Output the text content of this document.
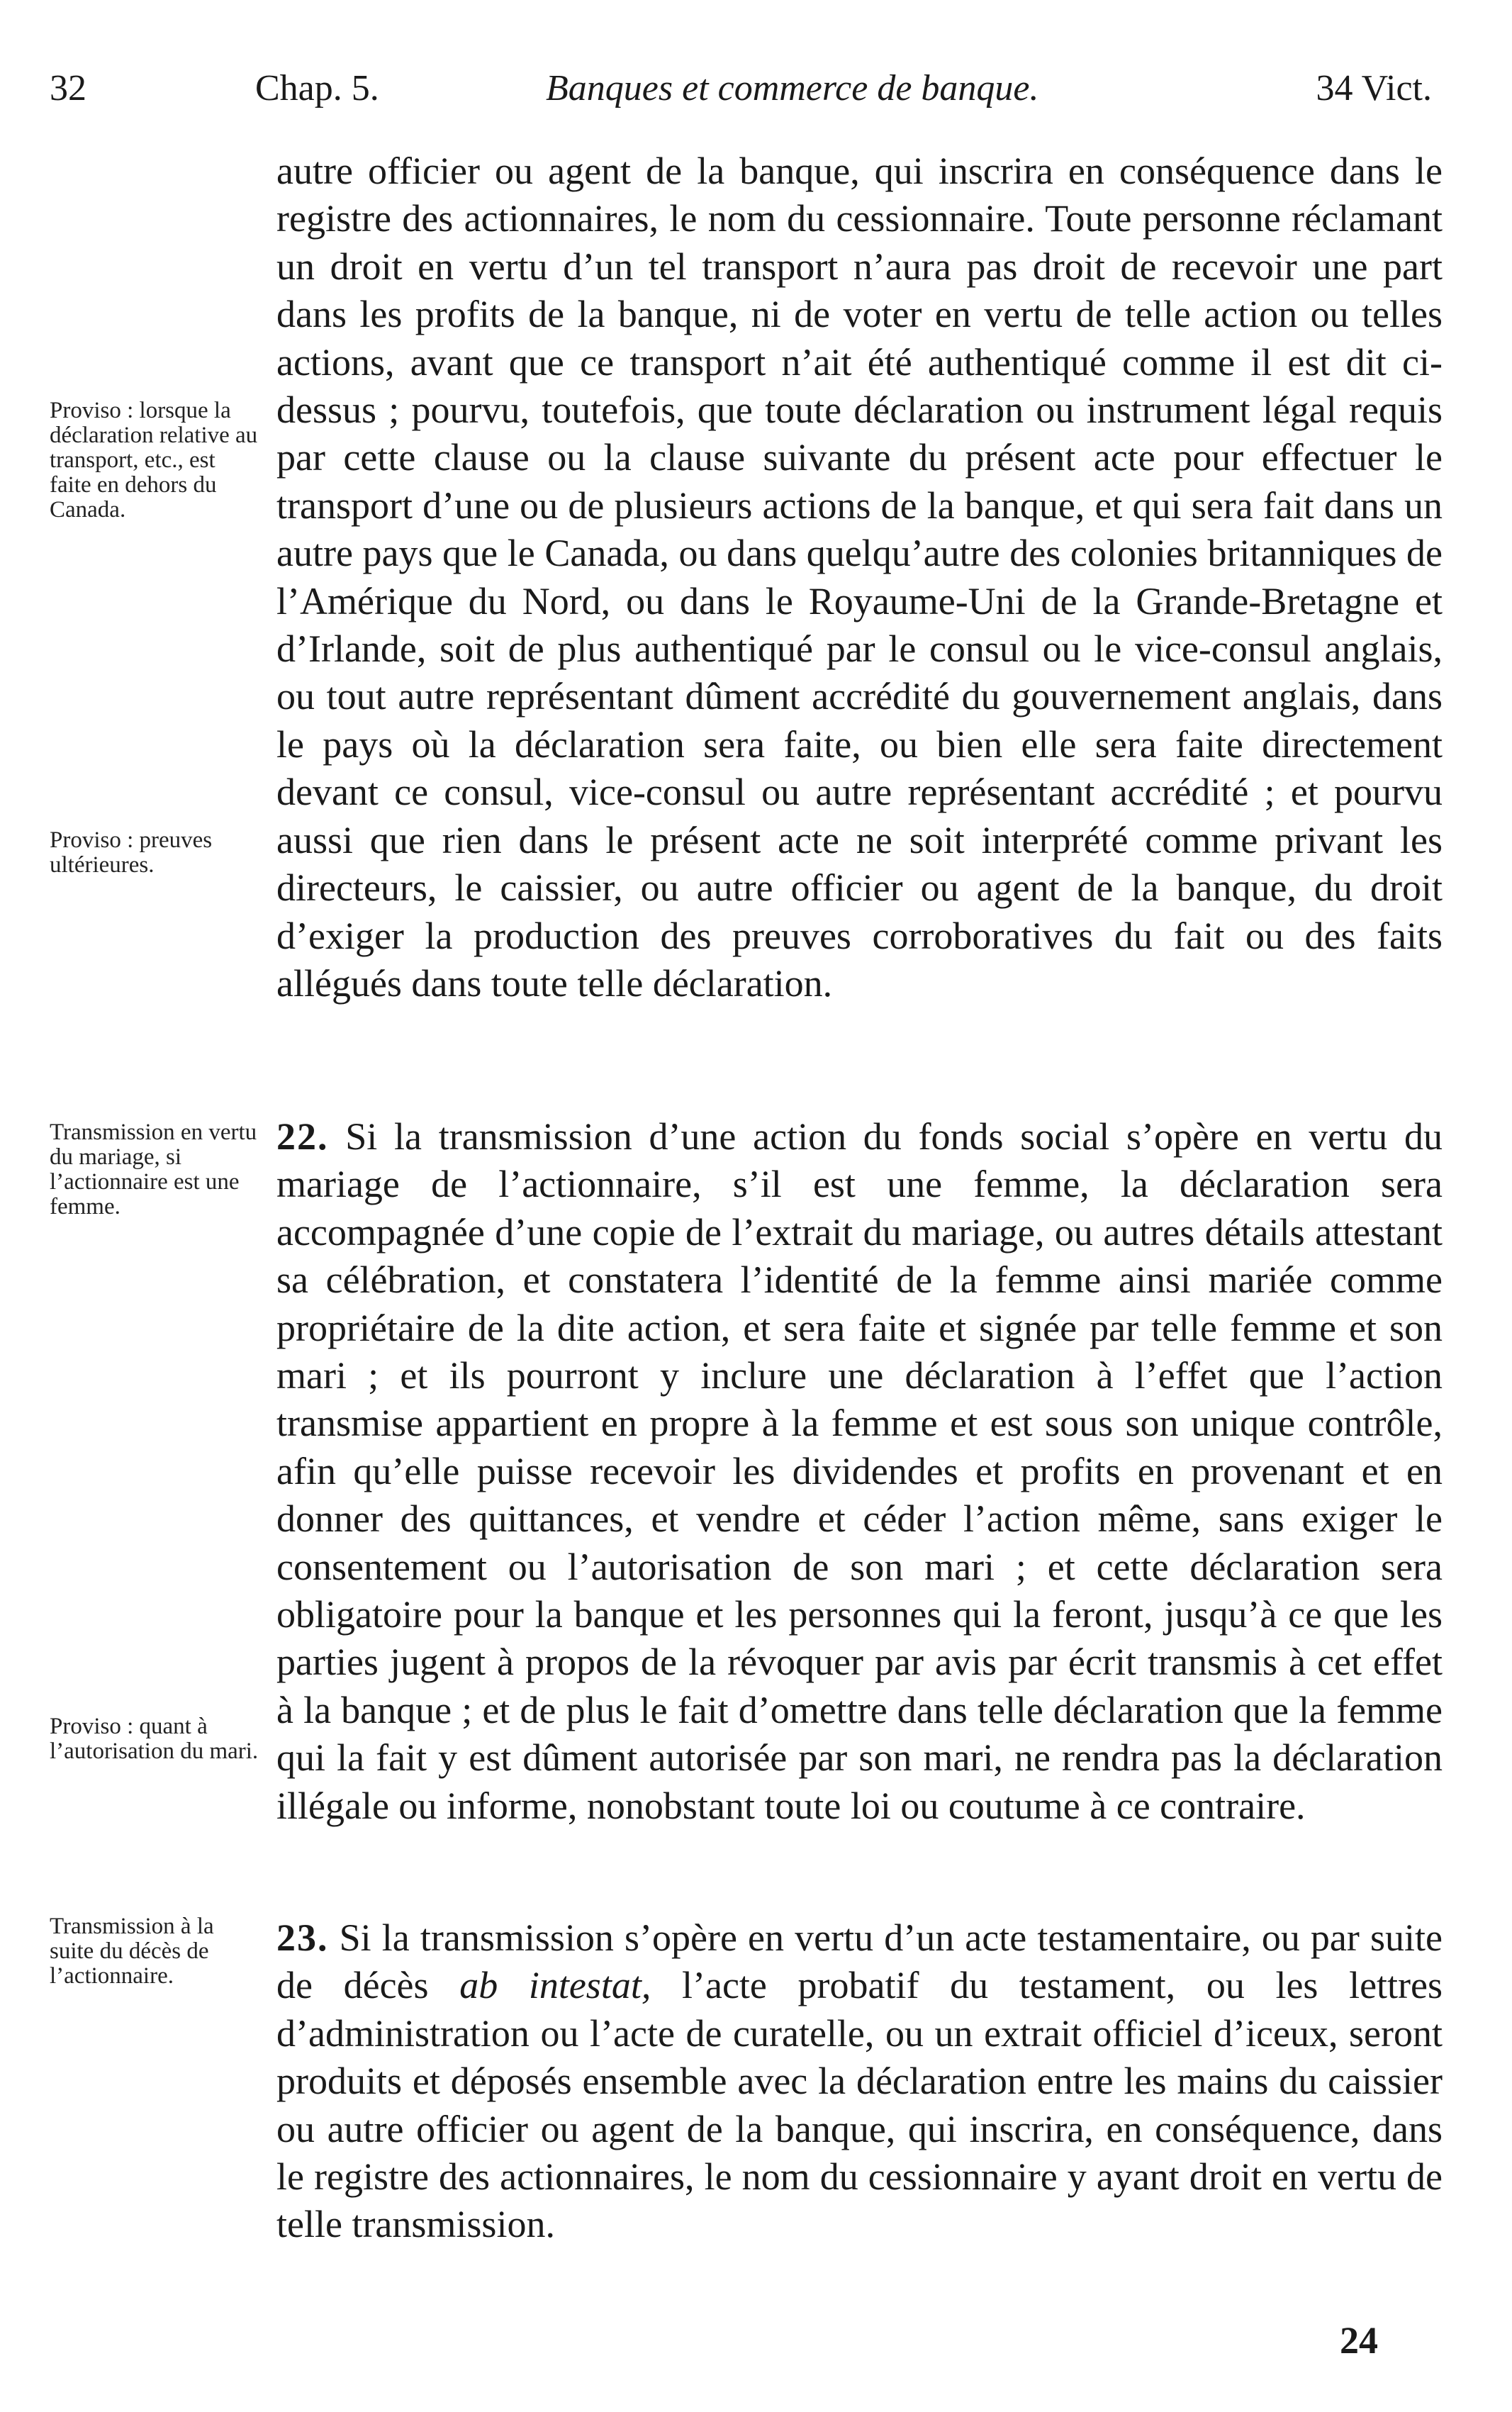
32	Chap. 5.	Banques et commerce de banque.	34 Vict.
Proviso : lorsque la déclaration relative au transport, etc., est faite en dehors du Canada.
Proviso : preuves ultérieures.
Transmission en vertu du mariage, si l’actionnaire est une femme.
Proviso : quant à l’autorisation du mari.
Transmission à la suite du décès de l’actionnaire.

autre officier ou agent de la banque, qui inscrira en conséquence dans le registre des actionnaires, le nom du cessionnaire. Toute personne réclamant un droit en vertu d’un tel transport n’aura pas droit de recevoir une part dans les profits de la banque, ni de voter en vertu de telle action ou telles actions, avant que ce transport n’ait été authentiqué comme il est dit ci-dessus ; pourvu, toutefois, que toute déclaration ou instrument légal requis par cette clause ou la clause suivante du présent acte pour effectuer le transport d’une ou de plusieurs actions de la banque, et qui sera fait dans un autre pays que le Canada, ou dans quelqu’autre des colonies britanniques de l’Amérique du Nord, ou dans le Royaume-Uni de la Grande-Bretagne et d’Irlande, soit de plus authentiqué par le consul ou le vice-consul anglais, ou tout autre représentant dûment accrédité du gouvernement anglais, dans le pays où la déclaration sera faite, ou bien elle sera faite directement devant ce consul, vice-consul ou autre représentant accrédité ; et pourvu aussi que rien dans le présent acte ne soit interprété comme privant les directeurs, le caissier, ou autre officier ou agent de la banque, du droit d’exiger la production des preuves corroboratives du fait ou des faits allégués dans toute telle déclaration.

22. Si la transmission d’une action du fonds social s’opère en vertu du mariage de l’actionnaire, s’il est une femme, la déclaration sera accompagnée d’une copie de l’extrait du mariage, ou autres détails attestant sa célébration, et constatera l’identité de la femme ainsi mariée comme propriétaire de la dite action, et sera faite et signée par telle femme et son mari ; et ils pourront y inclure une déclaration à l’effet que l’action transmise appartient en propre à la femme et est sous son unique contrôle, afin qu’elle puisse recevoir les dividendes et profits en provenant et en donner des quittances, et vendre et céder l’action même, sans exiger le consentement ou l’autorisation de son mari ; et cette déclaration sera obligatoire pour la banque et les personnes qui la feront, jusqu’à ce que les parties jugent à propos de la révoquer par avis par écrit transmis à cet effet à la banque ; et de plus le fait d’omettre dans telle déclaration que la femme qui la fait y est dûment autorisée par son mari, ne rendra pas la déclaration illégale ou informe, nonobstant toute loi ou coutume à ce contraire.

23. Si la transmission s’opère en vertu d’un acte testamentaire, ou par suite de décès ab intestat, l’acte probatif du testament, ou les lettres d’administration ou l’acte de curatelle, ou un extrait officiel d’iceux, seront produits et déposés ensemble avec la déclaration entre les mains du caissier ou autre officier ou agent de la banque, qui inscrira, en conséquence, dans le registre des actionnaires, le nom du cessionnaire y ayant droit en vertu de telle transmission.

24
